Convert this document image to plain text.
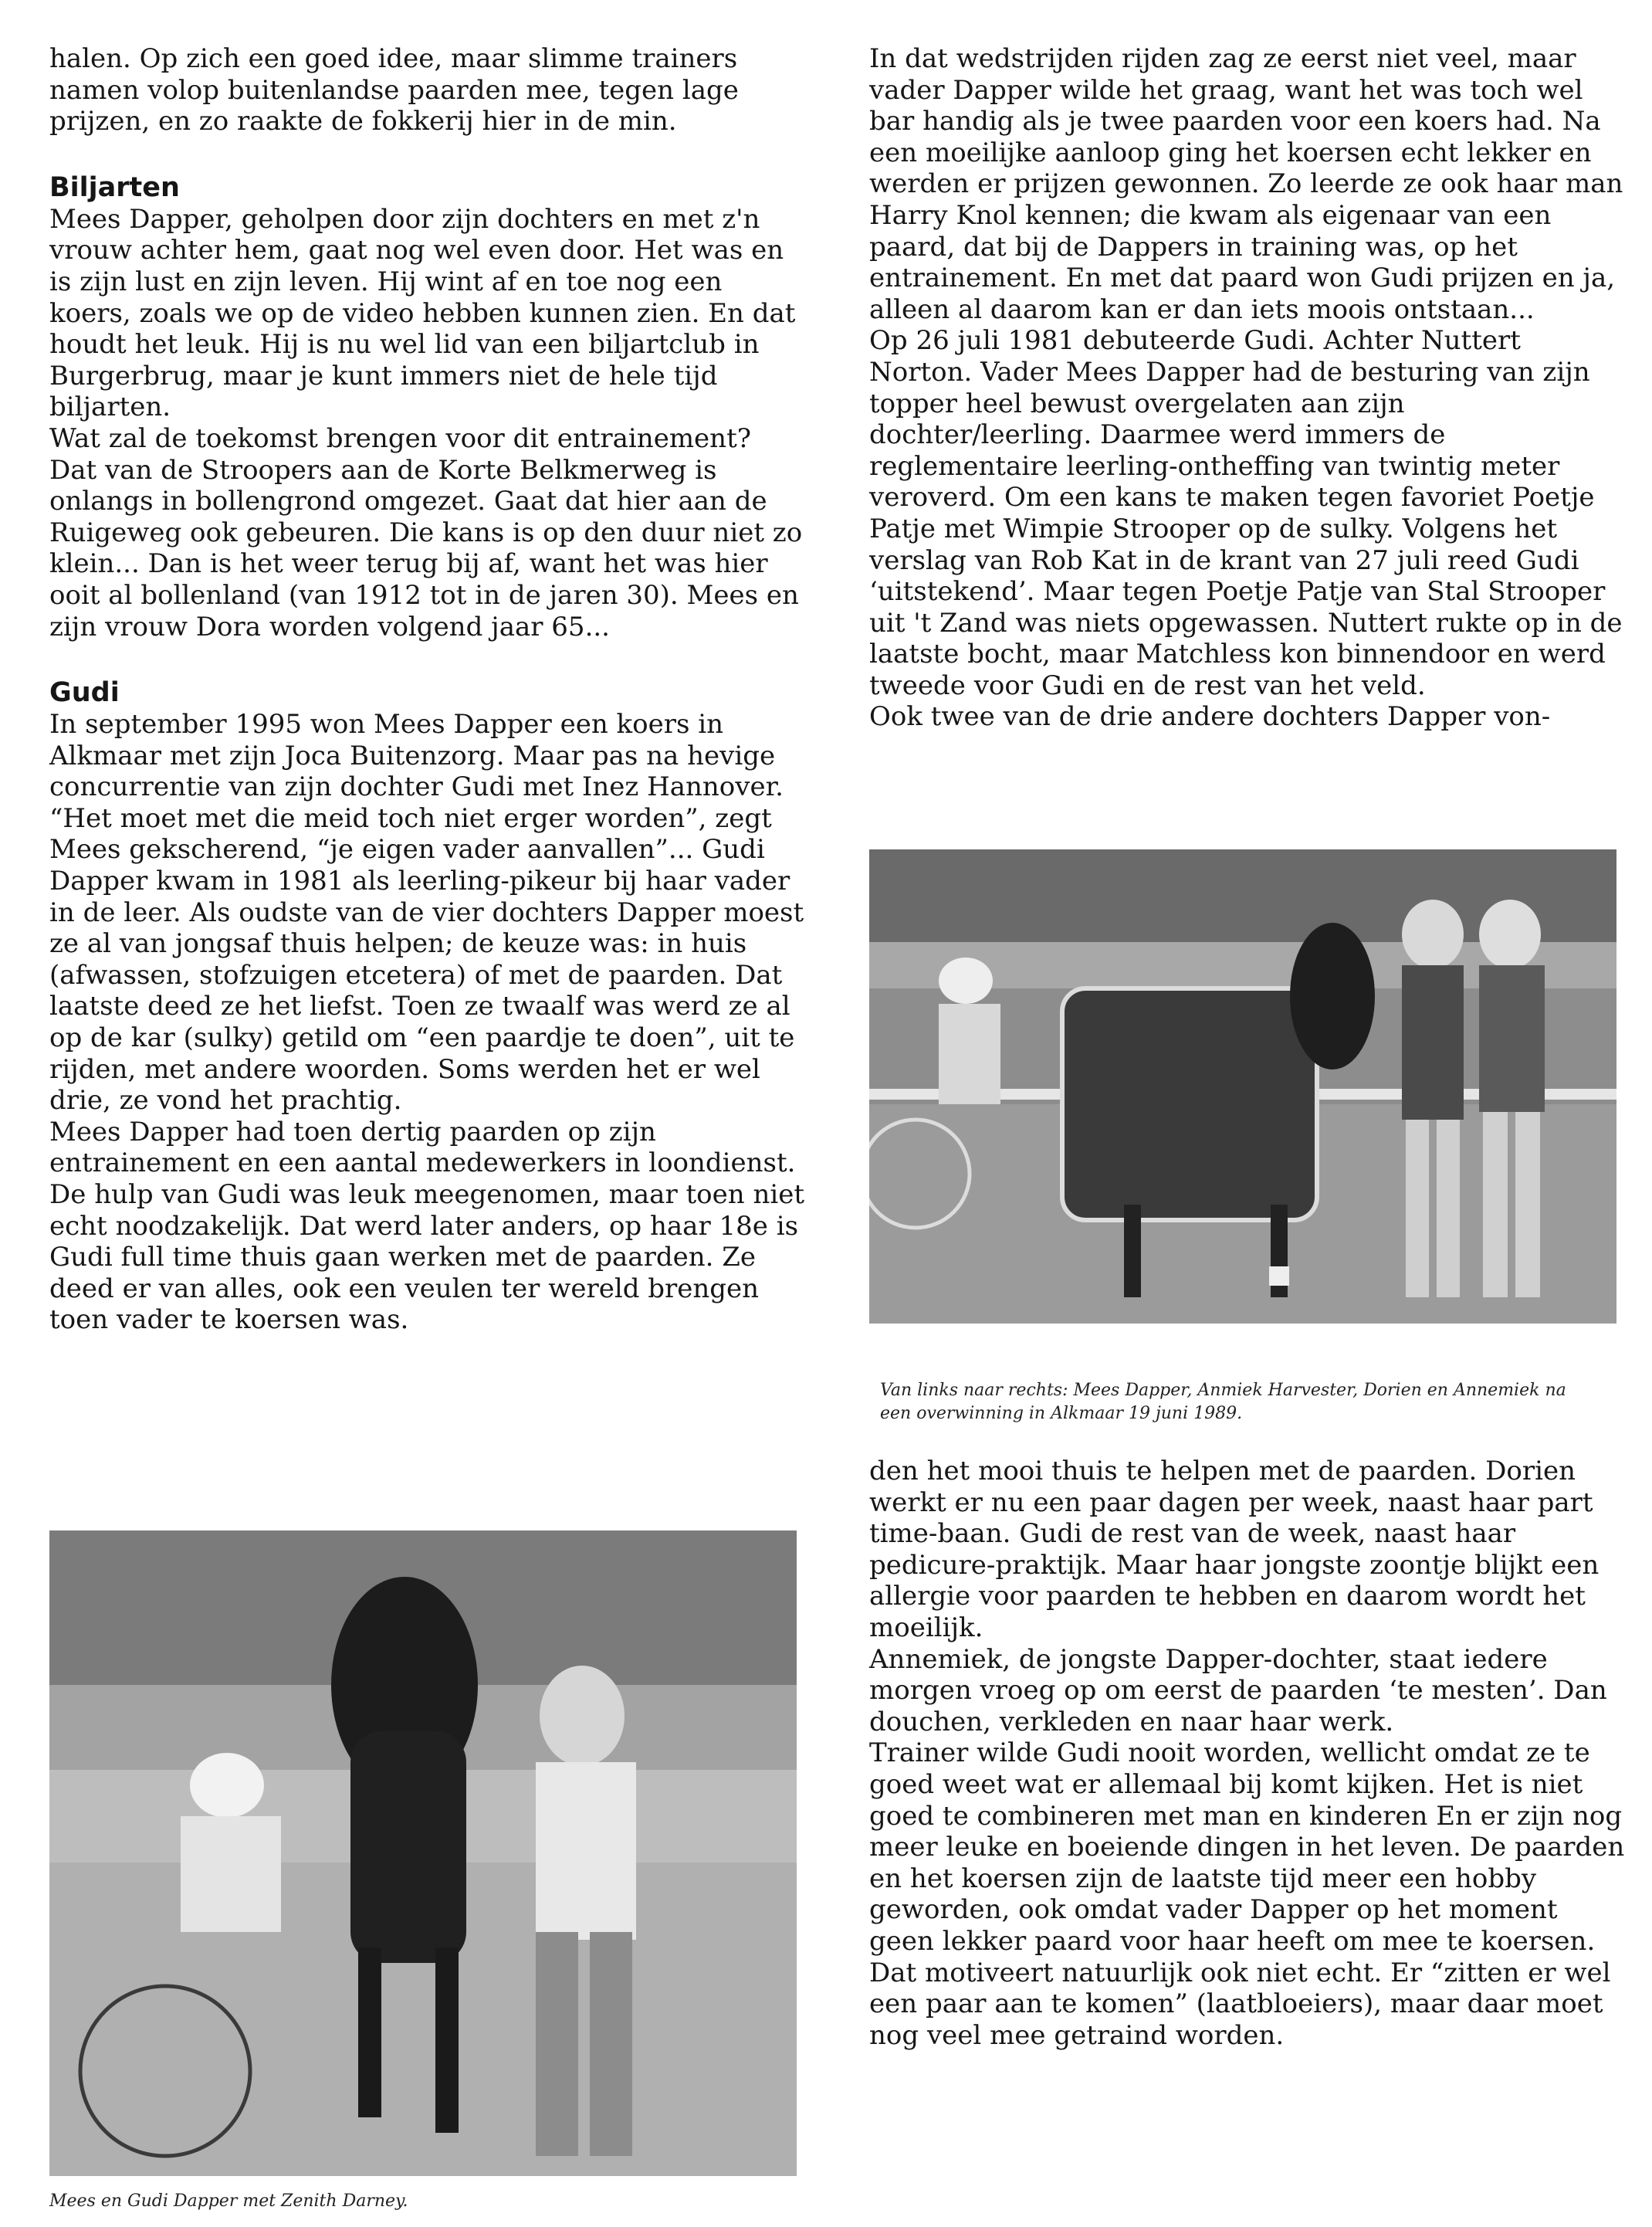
halen. Op zich een goed idee, maar slimme trainers namen volop buitenlandse paarden mee, tegen lage prijzen, en zo raakte de fokkerij hier in de min.

Biljarten

Mees Dapper, geholpen door zijn dochters en met z'n vrouw achter hem, gaat nog wel even door. Het was en is zijn lust en zijn leven. Hij wint af en toe nog een koers, zoals we op de video hebben kunnen zien. En dat houdt het leuk. Hij is nu wel lid van een biljartclub in Burgerbrug, maar je kunt immers niet de hele tijd biljarten.

Wat zal de toekomst brengen voor dit entrainement? Dat van de Stroopers aan de Korte Belkmerweg is onlangs in bollengrond omgezet. Gaat dat hier aan de Ruigeweg ook gebeuren. Die kans is op den duur niet zo klein... Dan is het weer terug bij af, want het was hier ooit al bollenland (van 1912 tot in de jaren 30). Mees en zijn vrouw Dora worden volgend jaar 65...

Gudi

In september 1995 won Mees Dapper een koers in Alkmaar met zijn Joca Buitenzorg. Maar pas na hevige concurrentie van zijn dochter Gudi met Inez Hannover. “Het moet met die meid toch niet erger worden”, zegt Mees gekscherend, “je eigen vader aanvallen”... Gudi Dapper kwam in 1981 als leerling-pikeur bij haar vader in de leer. Als oudste van de vier dochters Dapper moest ze al van jongsaf thuis helpen; de keuze was: in huis (afwassen, stofzuigen etcetera) of met de paarden. Dat laatste deed ze het liefst. Toen ze twaalf was werd ze al op de kar (sulky) getild om “een paardje te doen”, uit te rijden, met andere woorden. Soms werden het er wel drie, ze vond het prachtig.

Mees Dapper had toen dertig paarden op zijn entrainement en een aantal medewerkers in loondienst. De hulp van Gudi was leuk meegenomen, maar toen niet echt noodzakelijk. Dat werd later anders, op haar 18e is Gudi full time thuis gaan werken met de paarden. Ze deed er van alles, ook een veulen ter wereld brengen toen vader te koersen was.

In dat wedstrijden rijden zag ze eerst niet veel, maar vader Dapper wilde het graag, want het was toch wel bar handig als je twee paarden voor een koers had. Na een moeilijke aanloop ging het koersen echt lekker en werden er prijzen gewonnen. Zo leerde ze ook haar man Harry Knol kennen; die kwam als eigenaar van een paard, dat bij de Dappers in training was, op het entrainement. En met dat paard won Gudi prijzen en ja, alleen al daarom kan er dan iets moois ontstaan...

Op 26 juli 1981 debuteerde Gudi. Achter Nuttert Norton. Vader Mees Dapper had de besturing van zijn topper heel bewust overgelaten aan zijn dochter/leerling. Daarmee werd immers de reglementaire leerling-ontheffing van twintig meter veroverd. Om een kans te maken tegen favoriet Poetje Patje met Wimpie Strooper op de sulky. Volgens het verslag van Rob Kat in de krant van 27 juli reed Gudi ‘uitstekend’. Maar tegen Poetje Patje van Stal Strooper uit 't Zand was niets opgewassen. Nuttert rukte op in de laatste bocht, maar Matchless kon binnendoor en werd tweede voor Gudi en de rest van het veld.

Ook twee van de drie andere dochters Dapper von-

Van links naar rechts: Mees Dapper, Anmiek Harvester, Dorien en Annemiek na een overwinning in Alkmaar 19 juni 1989.

den het mooi thuis te helpen met de paarden. Dorien werkt er nu een paar dagen per week, naast haar part time-baan. Gudi de rest van de week, naast haar pedicure-praktijk. Maar haar jongste zoontje blijkt een allergie voor paarden te hebben en daarom wordt het moeilijk.

Annemiek, de jongste Dapper-dochter, staat iedere morgen vroeg op om eerst de paarden ‘te mesten’. Dan douchen, verkleden en naar haar werk.

Trainer wilde Gudi nooit worden, wellicht omdat ze te goed weet wat er allemaal bij komt kijken. Het is niet goed te combineren met man en kinderen En er zijn nog meer leuke en boeiende dingen in het leven. De paarden en het koersen zijn de laatste tijd meer een hobby geworden, ook omdat vader Dapper op het moment geen lekker paard voor haar heeft om mee te koersen. Dat motiveert natuurlijk ook niet echt. Er “zitten er wel een paar aan te komen” (laatbloeiers), maar daar moet nog veel mee getraind worden.

Mees en Gudi Dapper met Zenith Darney.
